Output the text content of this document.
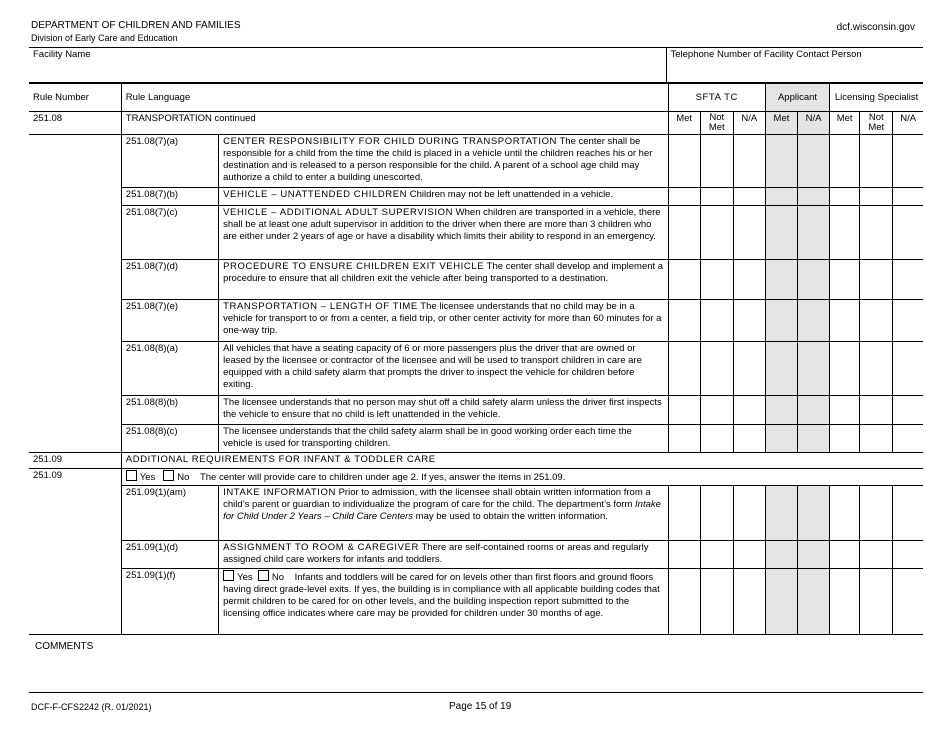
DEPARTMENT OF CHILDREN AND FAMILIES
Division of Early Care and Education
dcf.wisconsin.gov
Facility Name	Telephone Number of Facility Contact Person
Rule Number	Rule Language		SFTA TC			Applicant		Licensing Specialist		
251.08	TRANSPORTATION continued		Met	Not Met	N/A	Met	N/A	Met	Not Met	N/A
	251.08(7)(a)	CENTER RESPONSIBILITY FOR CHILD DURING TRANSPORTATION The center shall be responsible for a child from the time the child is placed in a vehicle until the children reaches his or her destination and is released to a person responsible for the child. A parent of a school age child may authorize a child to enter a building unescorted.								
	251.08(7)(b)	VEHICLE – UNATTENDED CHILDREN Children may not be left unattended in a vehicle.								
	251.08(7)(c)	VEHICLE – ADDITIONAL ADULT SUPERVISION When children are transported in a vehicle, there shall be at least one adult supervisor in addition to the driver when there are more than 3 children who are either under 2 years of age or have a disability which limits their ability to respond in an emergency.								
	251.08(7)(d)	PROCEDURE TO ENSURE CHILDREN EXIT VEHICLE The center shall develop and implement a procedure to ensure that all children exit the vehicle after being transported to a destination.								
	251.08(7)(e)	TRANSPORTATION – LENGTH OF TIME The licensee understands that no child may be in a vehicle for transport to or from a center, a field trip, or other center activity for more than 60 minutes for a one-way trip.								
	251.08(8)(a)	All vehicles that have a seating capacity of 6 or more passengers plus the driver that are owned or leased by the licensee or contractor of the licensee and will be used to transport children in care are equipped with a child safety alarm that prompts the driver to inspect the vehicle for children before exiting.								
	251.08(8)(b)	The licensee understands that no person may shut off a child safety alarm unless the driver first inspects the vehicle to ensure that no child is left unattended in the vehicle.								
	251.08(8)(c)	The licensee understands that the child safety alarm shall be in good working order each time the vehicle is used for transporting children.								
251.09	ADDITIONAL REQUIREMENTS FOR INFANT & TODDLER CARE									
251.09	Yes No The center will provide care to children under age 2. If yes, answer the items in 251.09.									
	251.09(1)(am)	INTAKE INFORMATION Prior to admission, with the licensee shall obtain written information from a child’s parent or guardian to individualize the program of care for the child. The department’s form Intake for Child Under 2 Years – Child Care Centers may be used to obtain the written information.								
	251.09(1)(d)	ASSIGNMENT TO ROOM & CAREGIVER There are self-contained rooms or areas and regularly assigned child care workers for infants and toddlers.								
	251.09(1)(f)	Yes No Infants and toddlers will be cared for on levels other than first floors and ground floors having direct grade-level exits. If yes, the building is in compliance with all applicable building codes that permit children to be cared for on other levels, and the building inspection report submitted to the licensing office indicates where care may be provided for children under 30 months of age.								
COMMENTS
DCF-F-CFS2242 (R. 01/2021)	Page 15 of 19
